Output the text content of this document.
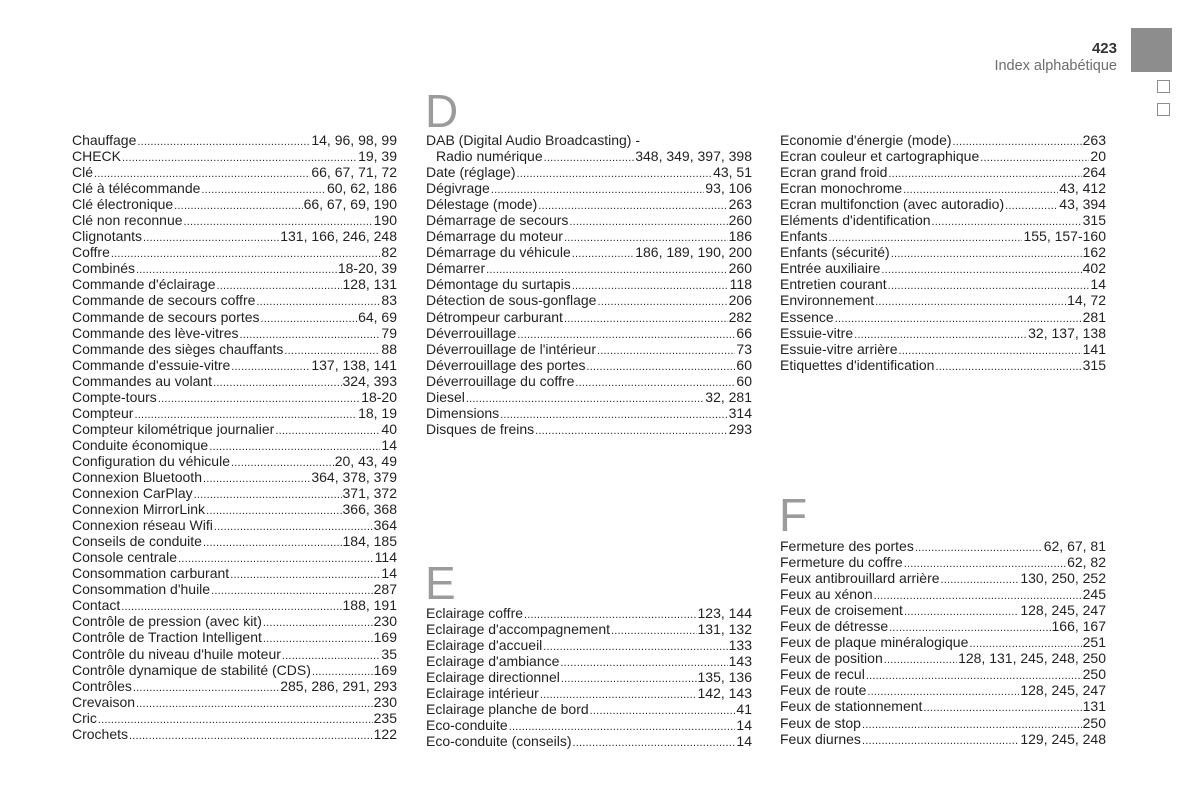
423
Index alphabétique
D
E
F
Chauffage .....	14, 96, 98, 99
CHECK .....	19, 39
Clé .....	66, 67, 71, 72
Clé à télécommande .....	60, 62, 186
Clé électronique .....	66, 67, 69, 190
Clé non reconnue .....	190
Clignotants .....	131, 166, 246, 248
Coffre .....	82
Combinés .....	18-20, 39
Commande d'éclairage .....	128, 131
Commande de secours coffre .....	83
Commande de secours portes .....	64, 69
Commande des lève-vitres .....	79
Commande des sièges chauffants .....	88
Commande d'essuie-vitre .....	137, 138, 141
Commandes au volant .....	324, 393
Compte-tours .....	18-20
Compteur .....	18, 19
Compteur kilométrique journalier .....	40
Conduite économique .....	14
Configuration du véhicule .....	20, 43, 49
Connexion Bluetooth .....	364, 378, 379
Connexion CarPlay .....	371, 372
Connexion MirrorLink .....	366, 368
Connexion réseau Wifi .....	364
Conseils de conduite .....	184, 185
Console centrale .....	114
Consommation carburant .....	14
Consommation d'huile .....	287
Contact .....	188, 191
Contrôle de pression (avec kit) .....	230
Contrôle de Traction Intelligent .....	169
Contrôle du niveau d'huile moteur .....	35
Contrôle dynamique de stabilité (CDS) .....	169
Contrôles .....	285, 286, 291, 293
Crevaison .....	230
Cric .....	235
Crochets .....	122
DAB (Digital Audio Broadcasting) -
Radio numérique .....	348, 349, 397, 398
Date (réglage) .....	43, 51
Dégivrage .....	93, 106
Délestage (mode) .....	263
Démarrage de secours .....	260
Démarrage du moteur .....	186
Démarrage du véhicule .....	186, 189, 190, 200
Démarrer .....	260
Démontage du surtapis .....	118
Détection de sous-gonflage .....	206
Détrompeur carburant .....	282
Déverrouillage .....	66
Déverrouillage de l'intérieur .....	73
Déverrouillage des portes .....	60
Déverrouillage du coffre .....	60
Diesel .....	32, 281
Dimensions .....	314
Disques de freins .....	293
Eclairage coffre .....	123, 144
Eclairage d'accompagnement .....	131, 132
Eclairage d'accueil .....	133
Eclairage d'ambiance .....	143
Eclairage directionnel .....	135, 136
Eclairage intérieur .....	142, 143
Eclairage planche de bord .....	41
Eco-conduite .....	14
Eco-conduite (conseils) .....	14
Economie d'énergie (mode) .....	263
Ecran couleur et cartographique .....	20
Ecran grand froid .....	264
Ecran monochrome .....	43, 412
Ecran multifonction (avec autoradio) .....	43, 394
Eléments d'identification .....	315
Enfants .....	155, 157-160
Enfants (sécurité) .....	162
Entrée auxiliaire .....	402
Entretien courant .....	14
Environnement .....	14, 72
Essence .....	281
Essuie-vitre .....	32, 137, 138
Essuie-vitre arrière .....	141
Etiquettes d'identification .....	315
Fermeture des portes .....	62, 67, 81
Fermeture du coffre .....	62, 82
Feux antibrouillard arrière .....	130, 250, 252
Feux au xénon .....	245
Feux de croisement .....	128, 245, 247
Feux de détresse .....	166, 167
Feux de plaque minéralogique .....	251
Feux de position .....	128, 131, 245, 248, 250
Feux de recul .....	250
Feux de route .....	128, 245, 247
Feux de stationnement .....	131
Feux de stop .....	250
Feux diurnes .....	129, 245, 248
